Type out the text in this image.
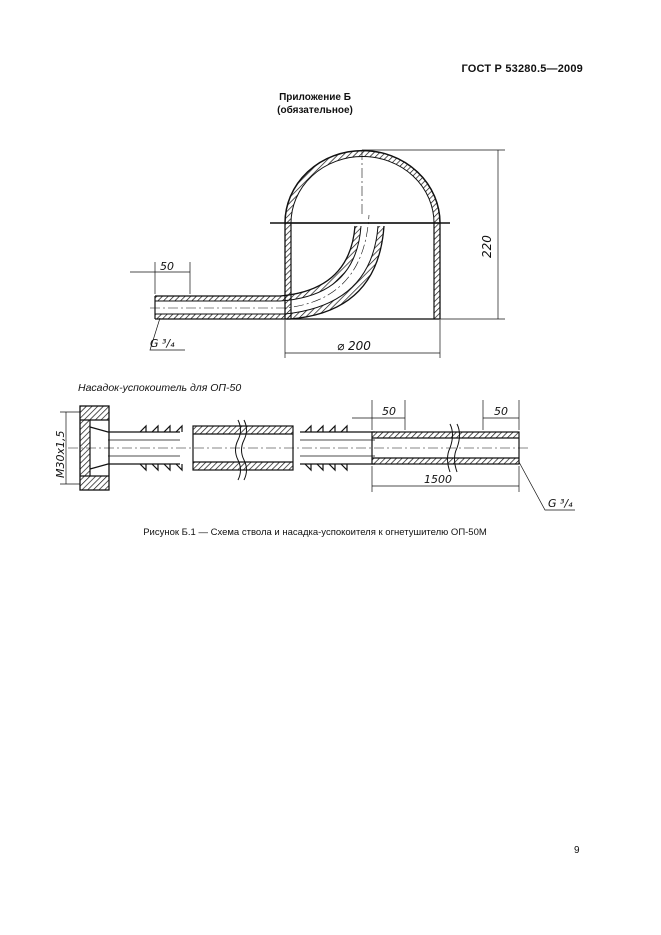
ГОСТ Р 53280.5—2009
Приложение Б
(обязательное)
50
220
⌀ 200
G ³/₄
M30x1,5
50	50
1500
G ³/₄
Насадок-успокоитель для ОП-50
Рисунок Б.1 — Схема ствола и насадка-успокоителя к огнетушителю ОП-50М
9
